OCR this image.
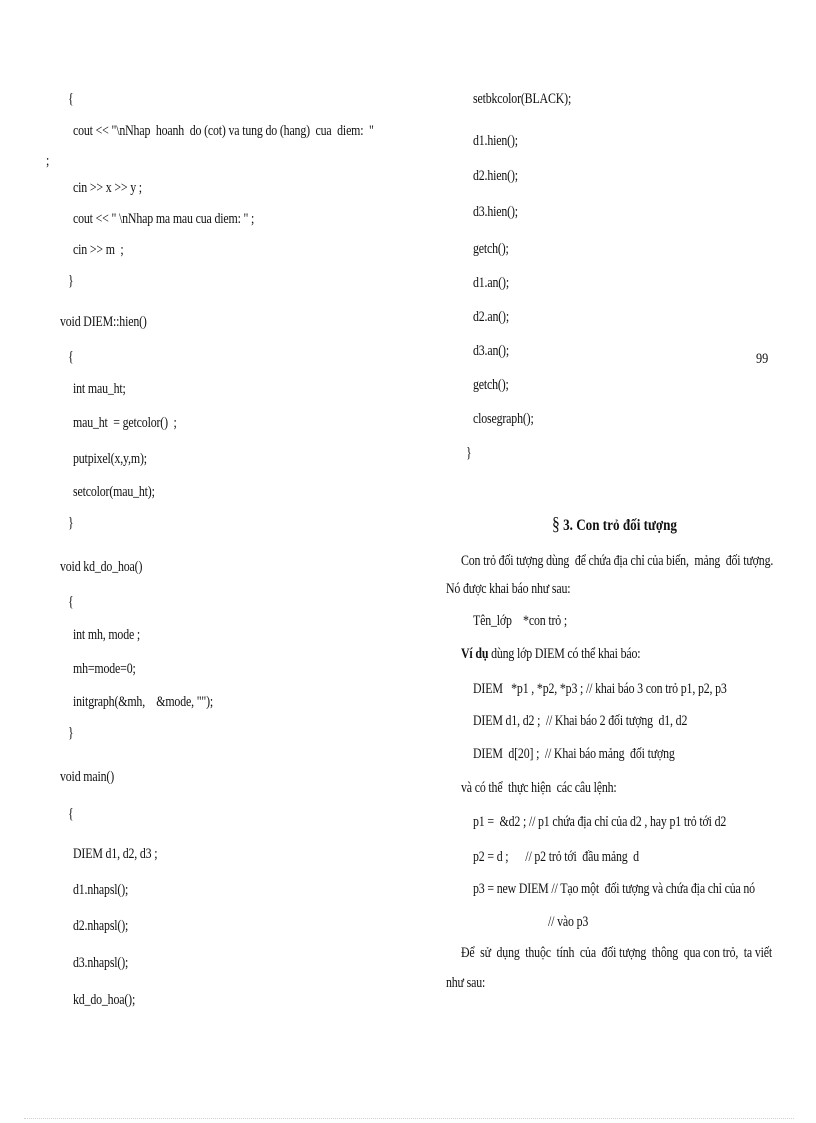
{
cout << "\nNhap  hoanh  do (cot) va tung do (hang)  cua  diem:  "
;
cin >> x >> y ;
cout << " \nNhap ma mau cua diem: " ;
cin >> m  ;
}
void DIEM::hien()
{
int mau_ht;
mau_ht  = getcolor()  ;
putpixel(x,y,m);
setcolor(mau_ht);
}
void kd_do_hoa()
{
int mh, mode ;
mh=mode=0;
initgraph(&mh,    &mode, "");
}
void main()
{
DIEM d1, d2, d3 ;
d1.nhapsl();
d2.nhapsl();
d3.nhapsl();
kd_do_hoa();
setbkcolor(BLACK);
d1.hien();
d2.hien();
d3.hien();
getch();
d1.an();
d2.an();
d3.an();
getch();
closegraph();
}
99
§ 3. Con trỏ đối tượng
Con trỏ đối tượng dùng  để chứa địa chỉ của biến,  mảng  đối tượng.
Nó được khai báo như sau:
Tên_lớp    *con trỏ ;
Ví dụ dùng lớp DIEM có thể khai báo:
DIEM   *p1 , *p2, *p3 ; // khai báo 3 con trỏ p1, p2, p3
DIEM d1, d2 ;  // Khai báo 2 đối tượng  d1, d2
DIEM  d[20] ;  // Khai báo mảng  đối tượng
và có thể  thực hiện  các câu lệnh:
p1 =  &d2 ; // p1 chứa địa chỉ của d2 , hay p1 trỏ tới d2
p2 = d ;      // p2 trỏ tới  đầu mảng  d
p3 = new DIEM // Tạo một  đối tượng và chứa địa chỉ của nó
// vào p3
Để  sử  dụng  thuộc  tính  của  đối tượng  thông  qua con trỏ,  ta viết
như sau:
